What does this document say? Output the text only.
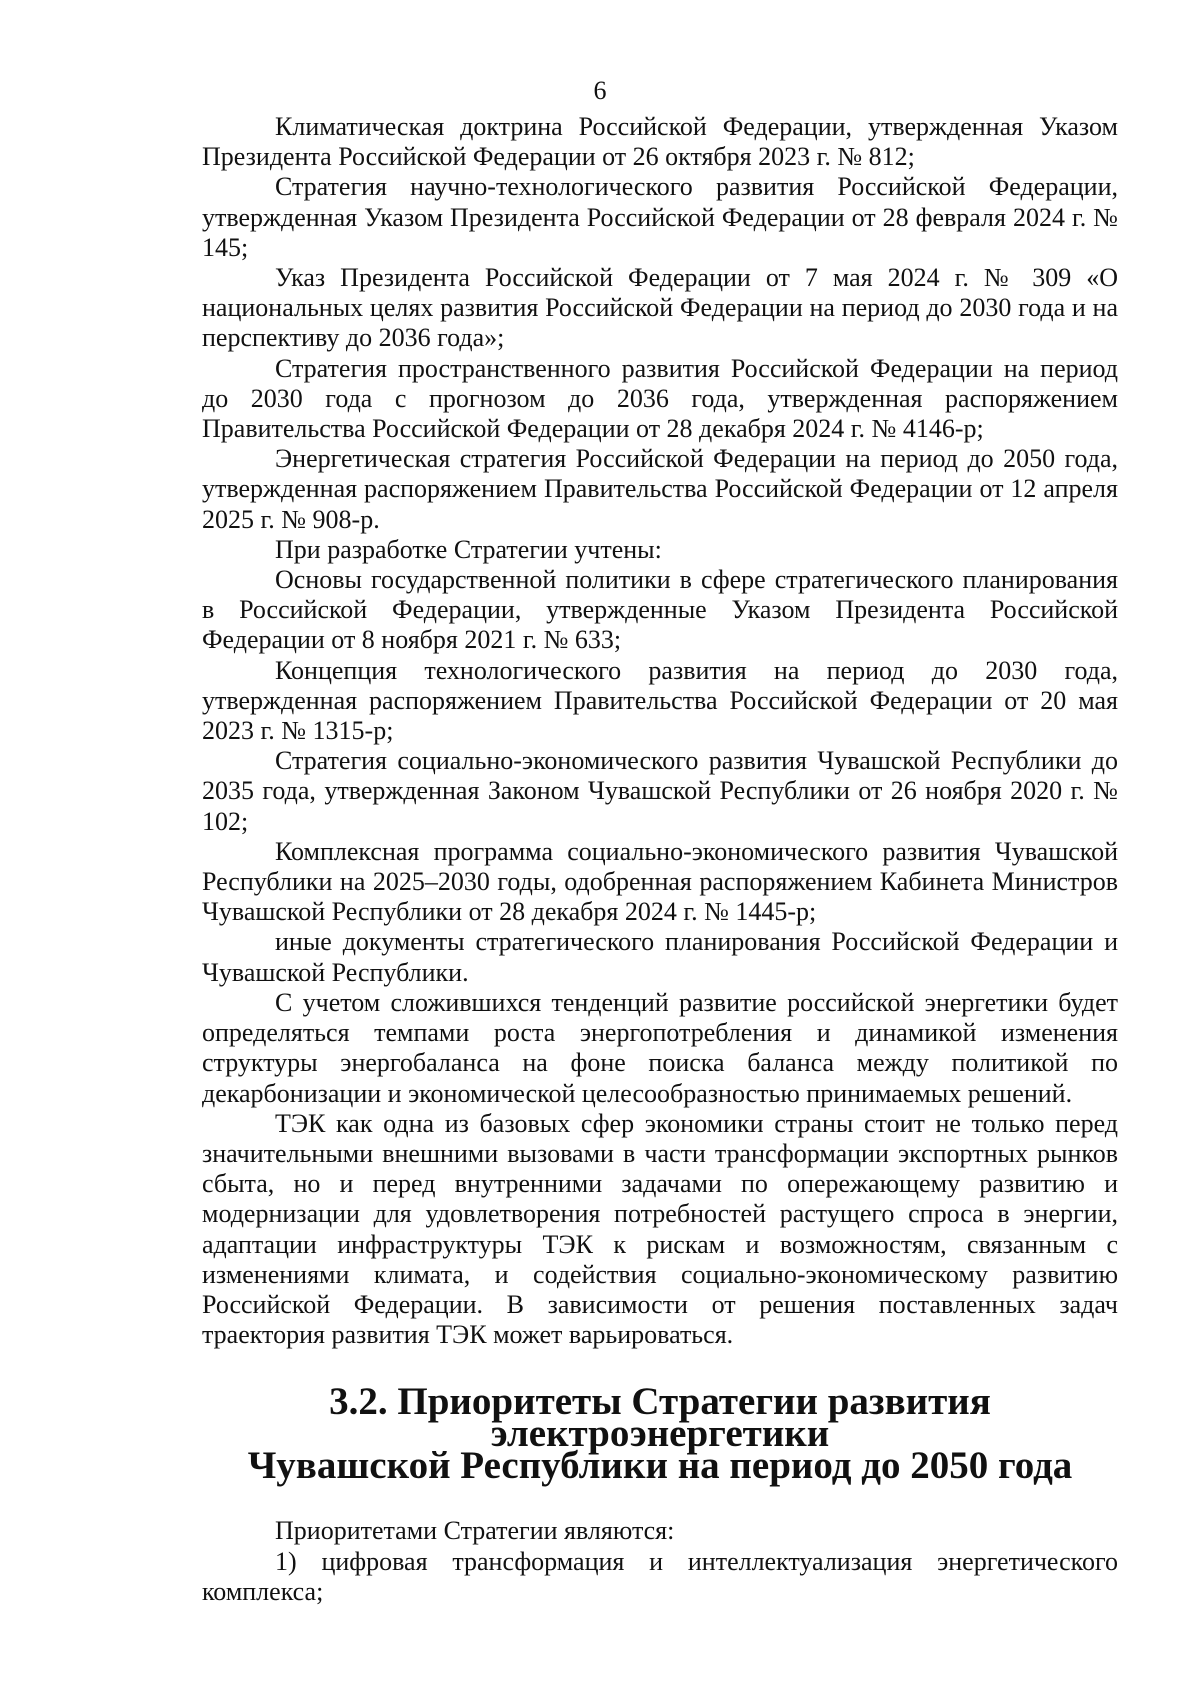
6

Климатическая доктрина Российской Федерации, утвержденная Указом Президента Российской Федерации от 26 октября 2023 г. № 812;

Стратегия научно-технологического развития Российской Федерации, утвержденная Указом Президента Российской Федерации от 28 февраля 2024 г. № 145;

Указ Президента Российской Федерации от 7 мая 2024 г. № 309 «О национальных целях развития Российской Федерации на период до 2030 года и на перспективу до 2036 года»;

Стратегия пространственного развития Российской Федерации на период до 2030 года с прогнозом до 2036 года, утвержденная распоряжением Правительства Российской Федерации от 28 декабря 2024 г. № 4146-р;

Энергетическая стратегия Российской Федерации на период до 2050 года, утвержденная распоряжением Правительства Российской Федерации от 12 апреля 2025 г. № 908-р.

При разработке Стратегии учтены:

Основы государственной политики в сфере стратегического планирования в Российской Федерации, утвержденные Указом Президента Российской Федерации от 8 ноября 2021 г. № 633;

Концепция технологического развития на период до 2030 года, утвержденная распоряжением Правительства Российской Федерации от 20 мая 2023 г. № 1315-р;

Стратегия социально-экономического развития Чувашской Республики до 2035 года, утвержденная Законом Чувашской Республики от 26 ноября 2020 г. № 102;

Комплексная программа социально-экономического развития Чувашской Республики на 2025–2030 годы, одобренная распоряжением Кабинета Министров Чувашской Республики от 28 декабря 2024 г. № 1445-р;

иные документы стратегического планирования Российской Федерации и Чувашской Республики.

С учетом сложившихся тенденций развитие российской энергетики будет определяться темпами роста энергопотребления и динамикой изменения структуры энергобаланса на фоне поиска баланса между политикой по декарбонизации и экономической целесообразностью принимаемых решений.

ТЭК как одна из базовых сфер экономики страны стоит не только перед значительными внешними вызовами в части трансформации экспортных рынков сбыта, но и перед внутренними задачами по опережающему развитию и модернизации для удовлетворения потребностей растущего спроса в энергии, адаптации инфраструктуры ТЭК к рискам и возможностям, связанным с изменениями климата, и содействия социально-экономическому развитию Российской Федерации. В зависимости от решения поставленных задач траектория развития ТЭК может варьироваться.

3.2. Приоритеты Стратегии развития электроэнергетики
Чувашской Республики на период до 2050 года

Приоритетами Стратегии являются:

1) цифровая трансформация и интеллектуализация энергетического комплекса;
